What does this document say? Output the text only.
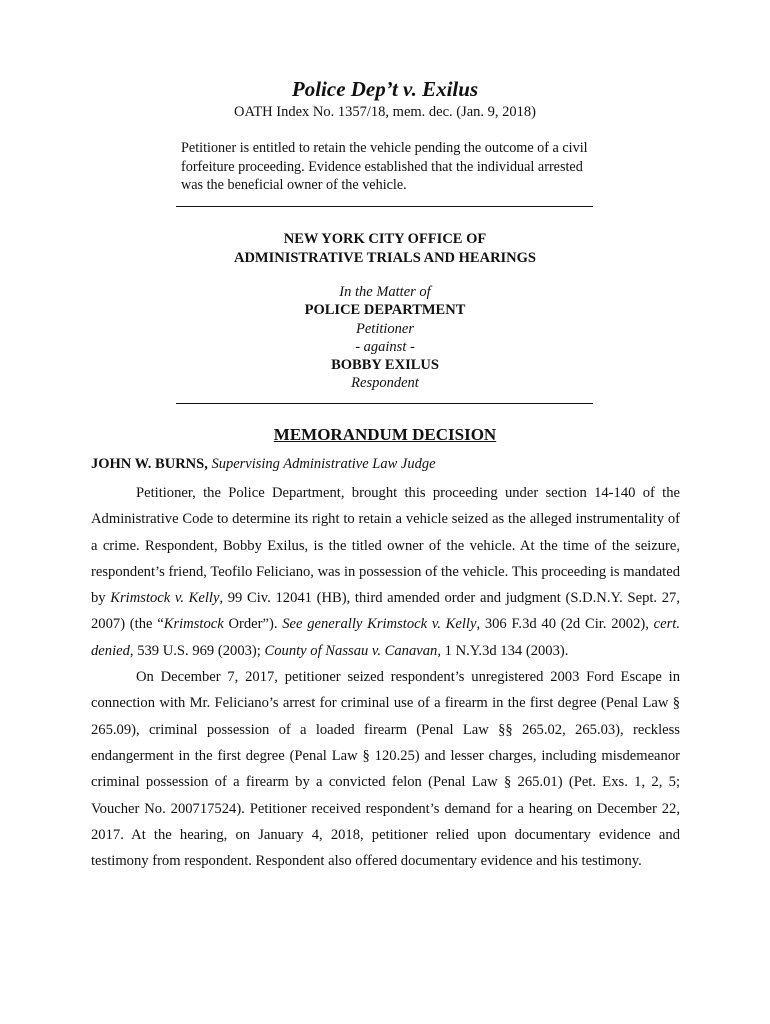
Police Dep’t v. Exilus
OATH Index No. 1357/18, mem. dec. (Jan. 9, 2018)
Petitioner is entitled to retain the vehicle pending the outcome of a civil forfeiture proceeding. Evidence established that the individual arrested was the beneficial owner of the vehicle.
NEW YORK CITY OFFICE OF
ADMINISTRATIVE TRIALS AND HEARINGS
In the Matter of
POLICE DEPARTMENT
Petitioner
- against -
BOBBY EXILUS
Respondent
MEMORANDUM DECISION
JOHN W. BURNS, Supervising Administrative Law Judge

Petitioner, the Police Department, brought this proceeding under section 14-140 of the Administrative Code to determine its right to retain a vehicle seized as the alleged instrumentality of a crime. Respondent, Bobby Exilus, is the titled owner of the vehicle. At the time of the seizure, respondent’s friend, Teofilo Feliciano, was in possession of the vehicle. This proceeding is mandated by Krimstock v. Kelly, 99 Civ. 12041 (HB), third amended order and judgment (S.D.N.Y. Sept. 27, 2007) (the “Krimstock Order”). See generally Krimstock v. Kelly, 306 F.3d 40 (2d Cir. 2002), cert. denied, 539 U.S. 969 (2003); County of Nassau v. Canavan, 1 N.Y.3d 134 (2003).

On December 7, 2017, petitioner seized respondent’s unregistered 2003 Ford Escape in connection with Mr. Feliciano’s arrest for criminal use of a firearm in the first degree (Penal Law § 265.09), criminal possession of a loaded firearm (Penal Law §§ 265.02, 265.03), reckless endangerment in the first degree (Penal Law § 120.25) and lesser charges, including misdemeanor criminal possession of a firearm by a convicted felon (Penal Law § 265.01) (Pet. Exs. 1, 2, 5; Voucher No. 200717524). Petitioner received respondent’s demand for a hearing on December 22, 2017. At the hearing, on January 4, 2018, petitioner relied upon documentary evidence and testimony from respondent. Respondent also offered documentary evidence and his testimony.
